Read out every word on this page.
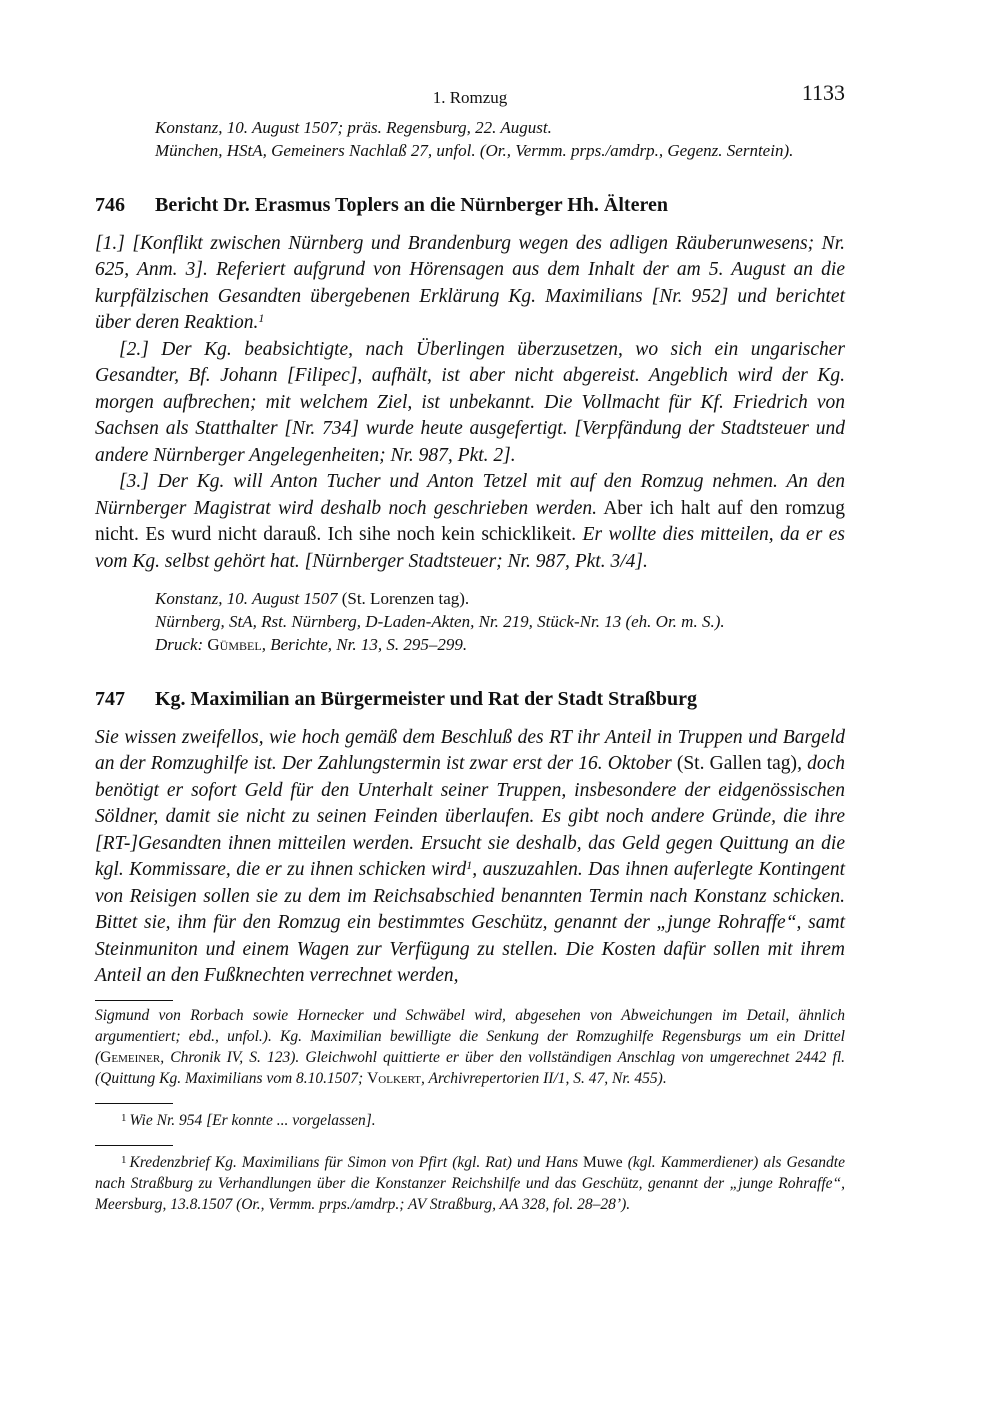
1. Romzug	1133
Konstanz, 10. August 1507; präs. Regensburg, 22. August.
München, HStA, Gemeiners Nachlaß 27, unfol. (Or., Vermm. prps./amdrp., Gegenz. Serntein).
746	Bericht Dr. Erasmus Toplers an die Nürnberger Hh. Älteren

[1.] [Konflikt zwischen Nürnberg und Brandenburg wegen des adligen Räuberunwesens; Nr. 625, Anm. 3]. Referiert aufgrund von Hörensagen aus dem Inhalt der am 5. August an die kurpfälzischen Gesandten übergebenen Erklärung Kg. Maximilians [Nr. 952] und berichtet über deren Reaktion.$^1$

[2.] Der Kg. beabsichtigte, nach Überlingen überzusetzen, wo sich ein ungarischer Gesandter, Bf. Johann [Filipec], aufhält, ist aber nicht abgereist. Angeblich wird der Kg. morgen aufbrechen; mit welchem Ziel, ist unbekannt. Die Vollmacht für Kf. Friedrich von Sachsen als Statthalter [Nr. 734] wurde heute ausgefertigt. [Verpfändung der Stadtsteuer und andere Nürnberger Angelegenheiten; Nr. 987, Pkt. 2].

[3.] Der Kg. will Anton Tucher und Anton Tetzel mit auf den Romzug nehmen. An den Nürnberger Magistrat wird deshalb noch geschrieben werden. Aber ich halt auf den romzug nicht. Es wurd nicht darauß. Ich sihe noch kein schicklikeit. Er wollte dies mitteilen, da er es vom Kg. selbst gehört hat. [Nürnberger Stadtsteuer; Nr. 987, Pkt. 3/4].

Konstanz, 10. August 1507 (St. Lorenzen tag).
Nürnberg, StA, Rst. Nürnberg, D-Laden-Akten, Nr. 219, Stück-Nr. 13 (eh. Or. m. S.).
Druck: Gümbel, Berichte, Nr. 13, S. 295–299.
747	Kg. Maximilian an Bürgermeister und Rat der Stadt Straßburg

Sie wissen zweifellos, wie hoch gemäß dem Beschluß des RT ihr Anteil in Truppen und Bargeld an der Romzughilfe ist. Der Zahlungstermin ist zwar erst der 16. Oktober (St. Gallen tag), doch benötigt er sofort Geld für den Unterhalt seiner Truppen, insbesondere der eidgenössischen Söldner, damit sie nicht zu seinen Feinden überlaufen. Es gibt noch andere Gründe, die ihre [RT-]Gesandten ihnen mitteilen werden. Ersucht sie deshalb, das Geld gegen Quittung an die kgl. Kommissare, die er zu ihnen schicken wird$^1$, auszuzahlen. Das ihnen auferlegte Kontingent von Reisigen sollen sie zu dem im Reichsabschied benannten Termin nach Konstanz schicken. Bittet sie, ihm für den Romzug ein bestimmtes Geschütz, genannt der „junge Rohraffe“, samt Steinmuniton und einem Wagen zur Verfügung zu stellen. Die Kosten dafür sollen mit ihrem Anteil an den Fußknechten verrechnet werden,

Sigmund von Rorbach sowie Hornecker und Schwäbel wird, abgesehen von Abweichungen im Detail, ähnlich argumentiert; ebd., unfol.). Kg. Maximilian bewilligte die Senkung der Romzughilfe Regensburgs um ein Drittel (Gemeiner, Chronik IV, S. 123). Gleichwohl quittierte er über den vollständigen Anschlag von umgerechnet 2442 fl. (Quittung Kg. Maximilians vom 8.10.1507; Volkert, Archivrepertorien II/1, S. 47, Nr. 455).
$^1$ Wie Nr. 954 [Er konnte ... vorgelassen].
$^1$ Kredenzbrief Kg. Maximilians für Simon von Pfirt (kgl. Rat) und Hans Muwe (kgl. Kammerdiener) als Gesandte nach Straßburg zu Verhandlungen über die Konstanzer Reichshilfe und das Geschütz, genannt der „junge Rohraffe“, Meersburg, 13.8.1507 (Or., Vermm. prps./amdrp.; AV Straßburg, AA 328, fol. 28–28’).
